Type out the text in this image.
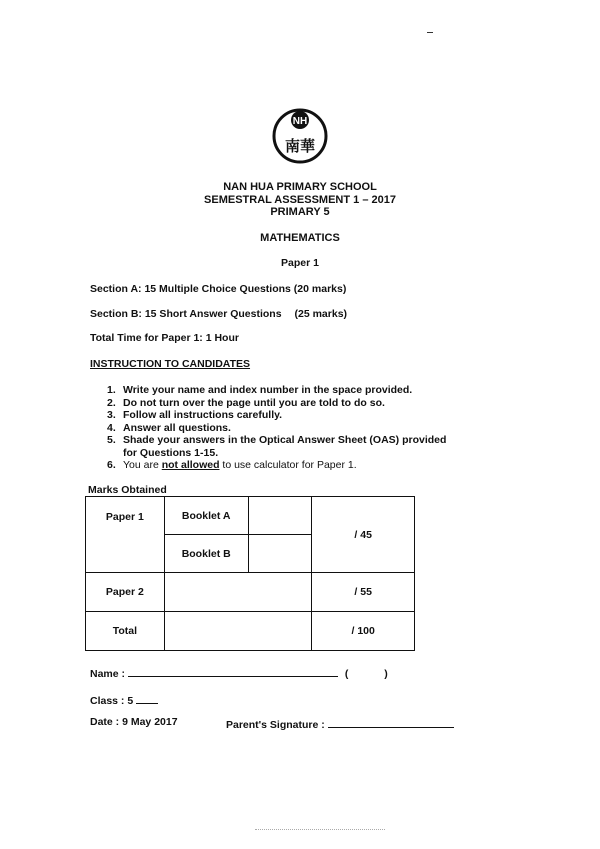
NH
南華
NAN HUA PRIMARY SCHOOL
SEMESTRAL ASSESSMENT 1 – 2017
PRIMARY 5
MATHEMATICS
Paper 1
Section A: 15 Multiple Choice Questions (20 marks)
Section B: 15 Short Answer Questions (25 marks)
Total Time for Paper 1: 1 Hour
INSTRUCTION TO CANDIDATES
1. Write your name and index number in the space provided.
2. Do not turn over the page until you are told to do so.
3. Follow all instructions carefully.
4. Answer all questions.
5. Shade your answers in the Optical Answer Sheet (OAS) provided
for Questions 1-15.
6. You are not allowed to use calculator for Paper 1.
Marks Obtained
Paper 1	Booklet A		/ 45
	Booklet B		
Paper 2			/ 55
Total			/ 100
Name :	(	)
Class : 5
Date : 9 May 2017	Parent's Signature :
